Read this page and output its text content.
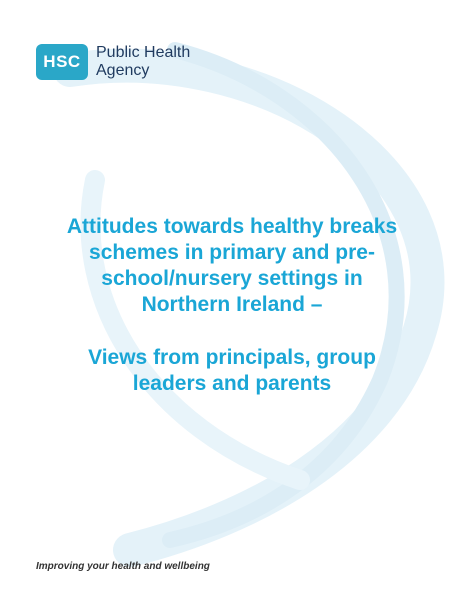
HSC Public Health
Agency
Attitudes towards healthy breaks
schemes in primary and pre-
school/nursery settings in
Northern Ireland –
Views from principals, group
leaders and parents
Improving your health and wellbeing
